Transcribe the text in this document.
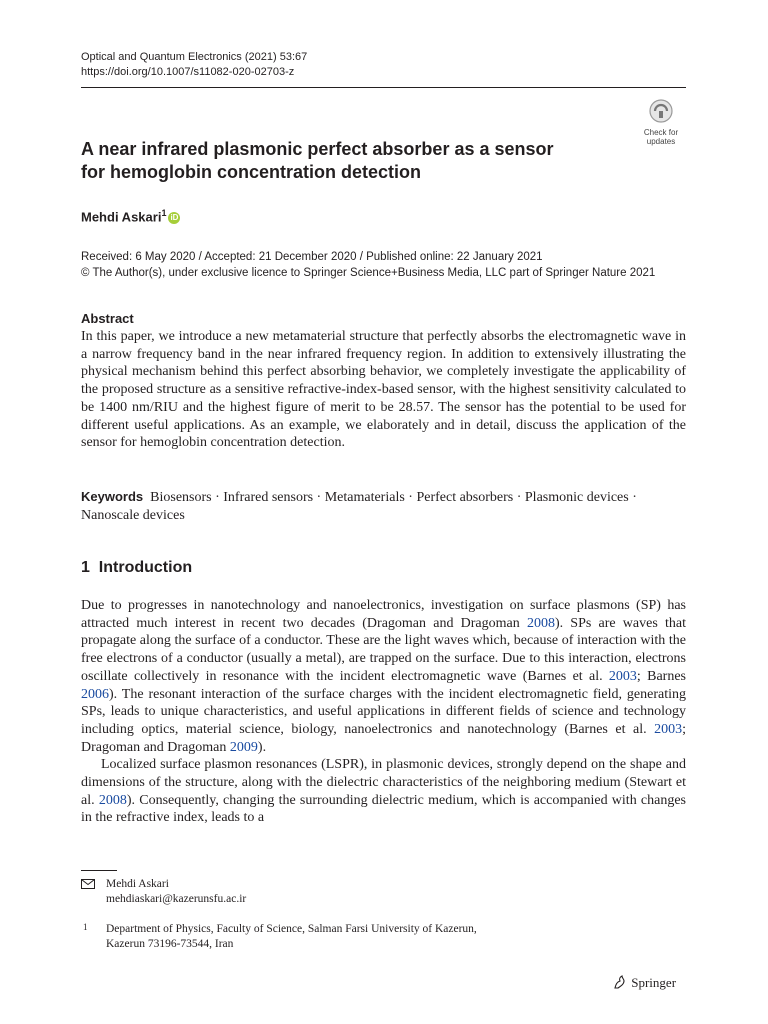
Optical and Quantum Electronics (2021) 53:67
https://doi.org/10.1007/s11082-020-02703-z
Check for
updates
A near infrared plasmonic perfect absorber as a sensor
for hemoglobin concentration detection
Mehdi Askari$^1$ iD
Received: 6 May 2020 / Accepted: 21 December 2020 / Published online: 22 January 2021
© The Author(s), under exclusive licence to Springer Science+Business Media, LLC part of Springer Nature 2021
Abstract
In this paper, we introduce a new metamaterial structure that perfectly absorbs the electromagnetic wave in a narrow frequency band in the near infrared frequency region. In addition to extensively illustrating the physical mechanism behind this perfect absorbing behavior, we completely investigate the applicability of the proposed structure as a sensitive refractive-index-based sensor, with the highest sensitivity calculated to be 1400 nm/RIU and the highest figure of merit to be 28.57. The sensor has the potential to be used for different useful applications. As an example, we elaborately and in detail, discuss the application of the sensor for hemoglobin concentration detection.
Keywords Biosensors · Infrared sensors · Metamaterials · Perfect absorbers · Plasmonic devices · Nanoscale devices
1 Introduction

Due to progresses in nanotechnology and nanoelectronics, investigation on surface plasmons (SP) has attracted much interest in recent two decades (Dragoman and Dragoman 2008). SPs are waves that propagate along the surface of a conductor. These are the light waves which, because of interaction with the free electrons of a conductor (usually a metal), are trapped on the surface. Due to this interaction, electrons oscillate collectively in resonance with the incident electromagnetic wave (Barnes et al. 2003; Barnes 2006). The resonant interaction of the surface charges with the incident electromagnetic field, generating SPs, leads to unique characteristics, and useful applications in different fields of science and technology including optics, material science, biology, nanoelectronics and nanotechnology (Barnes et al. 2003; Dragoman and Dragoman 2009).

Localized surface plasmon resonances (LSPR), in plasmonic devices, strongly depend on the shape and dimensions of the structure, along with the dielectric characteristics of the neighboring medium (Stewart et al. 2008). Consequently, changing the surrounding dielectric medium, which is accompanied with changes in the refractive index, leads to a

Mehdi Askari
mehdiaskari@kazerunsfu.ac.ir
1 Department of Physics, Faculty of Science, Salman Farsi University of Kazerun,
Kazerun 73196-73544, Iran
Springer
